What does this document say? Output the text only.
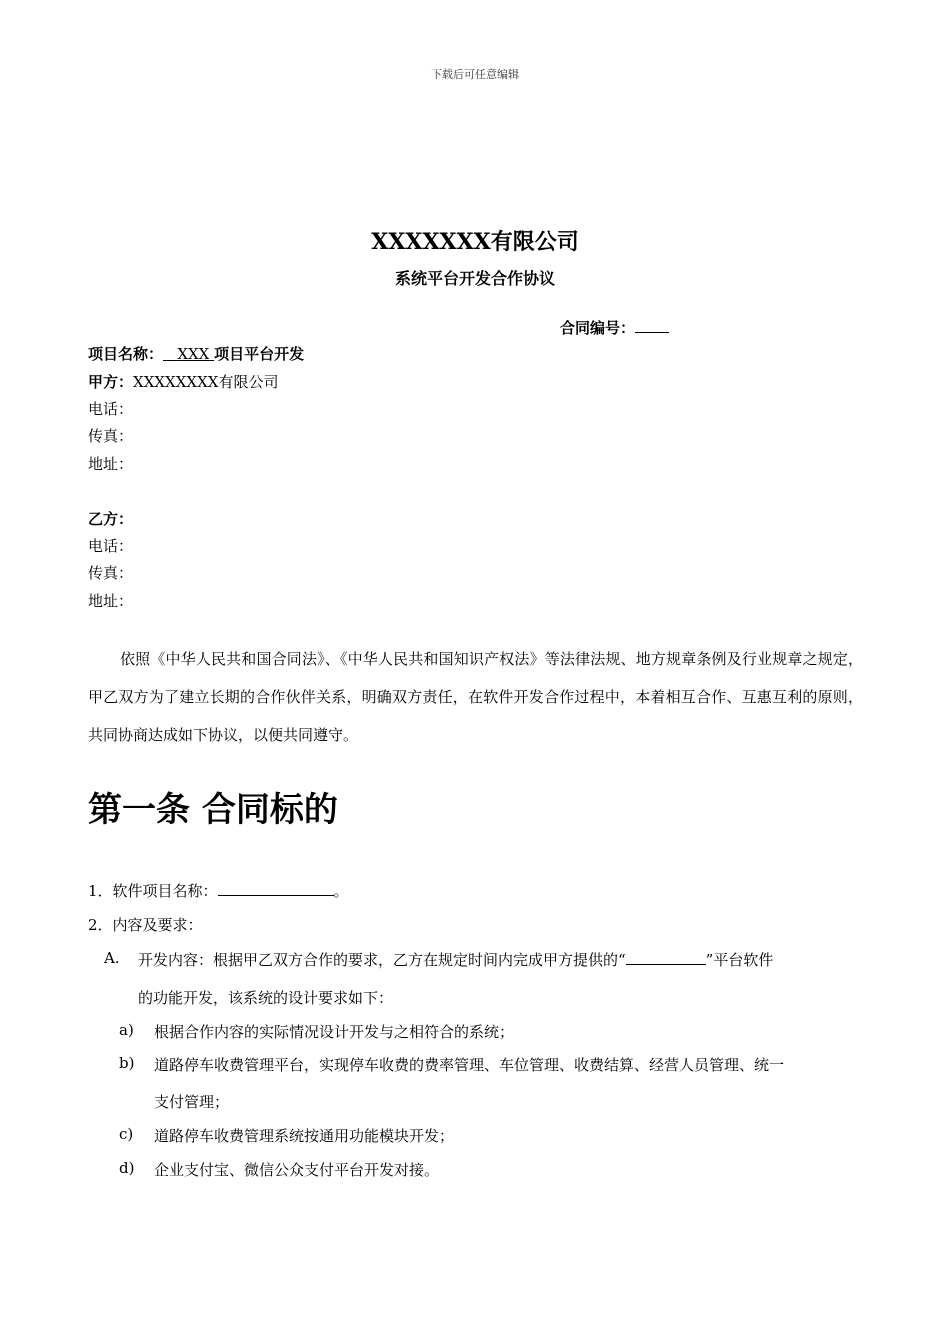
下载后可任意编辑
XXXXXXX有限公司
系统平台开发合作协议
合同编号：
项目名称： XXX 项目平台开发
甲方：XXXXXXXX有限公司
电话：
传真：
地址：
乙方：
电话：
传真：
地址：
依照《中华人民共和国合同法》、《中华人民共和国知识产权法》等法律法规、地方规章条例及行业规章之规定，甲乙双方为了建立长期的合作伙伴关系，明确双方责任，在软件开发合作过程中，本着相互合作、互惠互利的原则，共同协商达成如下协议，以便共同遵守。
第一条 合同标的
1．软件项目名称：	。
2．内容及要求：
A. 开发内容：根据甲乙双方合作的要求，乙方在规定时间内完成甲方提供的“	”平台软件
的功能开发，该系统的设计要求如下：
a) 根据合作内容的实际情况设计开发与之相符合的系统；
b) 道路停车收费管理平台，实现停车收费的费率管理、车位管理、收费结算、经营人员管理、统一
支付管理；
c) 道路停车收费管理系统按通用功能模块开发；
d) 企业支付宝、微信公众支付平台开发对接。
